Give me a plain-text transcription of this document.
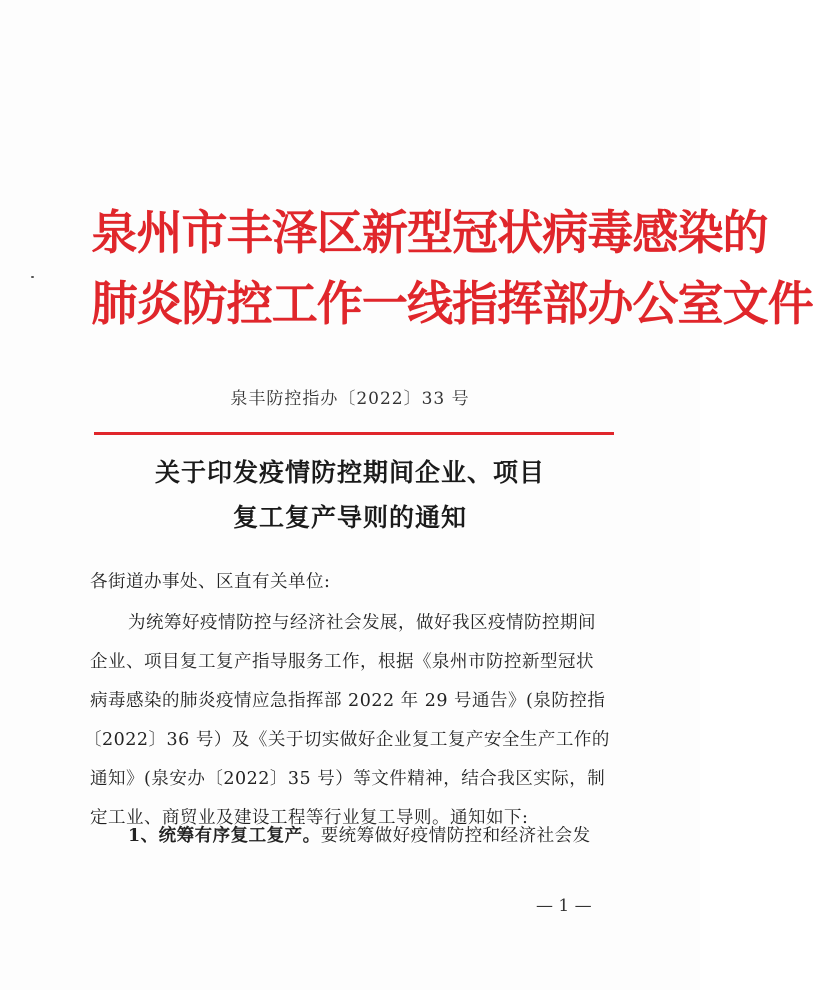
泉州市丰泽区新型冠状病毒感染的
肺炎防控工作一线指挥部办公室文件
泉丰防控指办〔2022〕33 号
关于印发疫情防控期间企业、项目
复工复产导则的通知
各街道办事处、区直有关单位:
为统筹好疫情防控与经济社会发展，做好我区疫情防控期间
企业、项目复工复产指导服务工作，根据《泉州市防控新型冠状
病毒感染的肺炎疫情应急指挥部 2022 年 29 号通告》(泉防控指
〔2022〕36 号）及《关于切实做好企业复工复产安全生产工作的
通知》(泉安办〔2022〕35 号）等文件精神，结合我区实际，制
定工业、商贸业及建设工程等行业复工导则。通知如下:
1、统筹有序复工复产。要统筹做好疫情防控和经济社会发
— 1 —
